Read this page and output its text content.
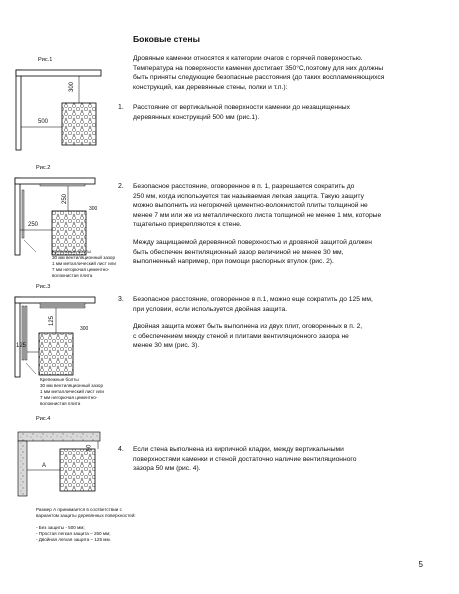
Боковые стены
Дровяные каменки относятся к категории очагов с горячей поверхностью.
Температура на поверхности каменки достигает 350°С,поэтому для них должны
быть приняты следующие безопасные расстояния (до таких воспламеняющихся
конструкций, как деревянные стены, полки и т.п.):
1. Расстояние от вертикальной поверхности каменки до незащищенных
деревянных конструкций 500 мм (рис.1).
2. Безопасное расстояние, оговоренное в п. 1, разрешается сократить до
250 мм, когда используется так называемая легкая защита. Такую защиту
можно выполнить из негорючей цементно-волокнистой плиты толщиной не
менее 7 мм или же из металлического листа толщиной не менее 1 мм, которые
тщательно прикрепляются к стене.
Между защищаемой деревянной поверхностью и дровяной защитой должен
быть обеспечен вентиляционный зазор величиной не менее 30 мм,
выполненный например, при помощи распорных втулок (рис. 2).
3. Безопасное расстояние, оговоренное в п.1, можно еще сократить до 125 мм,
при условии, если используется двойная защита.
Двойная защита может быть выполнена из двух плит, оговоренных в п. 2,
с обеспечением между стеной и плитами вентиляционного зазора не
менее 30 мм (рис. 3).
4. Если стена выполнена из кирпичной кладки, между вертикальными
поверхностями каменки и стеной достаточно наличие вентиляционного
зазора 50 мм (рис. 4).
Рис.1
500
300
Рис.2
250
250
300
Крепежные болты
30 мм вентиляционный зазор
1 мм металлический лист или
7 мм негорючая цементно-
волокнистая плита
Рис.3
125
125
300
Крепежные болты
30 мм вентиляционный зазор
1 мм металлический лист или
7 мм негорючая цементно-
волокнистая плита
Рис.4
A
50
Размер А принимается в соответствии с
вариантом защиты деревянных поверхностей:
- Без защиты - 500 мм;
- Простая легкая защита – 250 мм;
- Двойная легкая защита – 125 мм.
5
